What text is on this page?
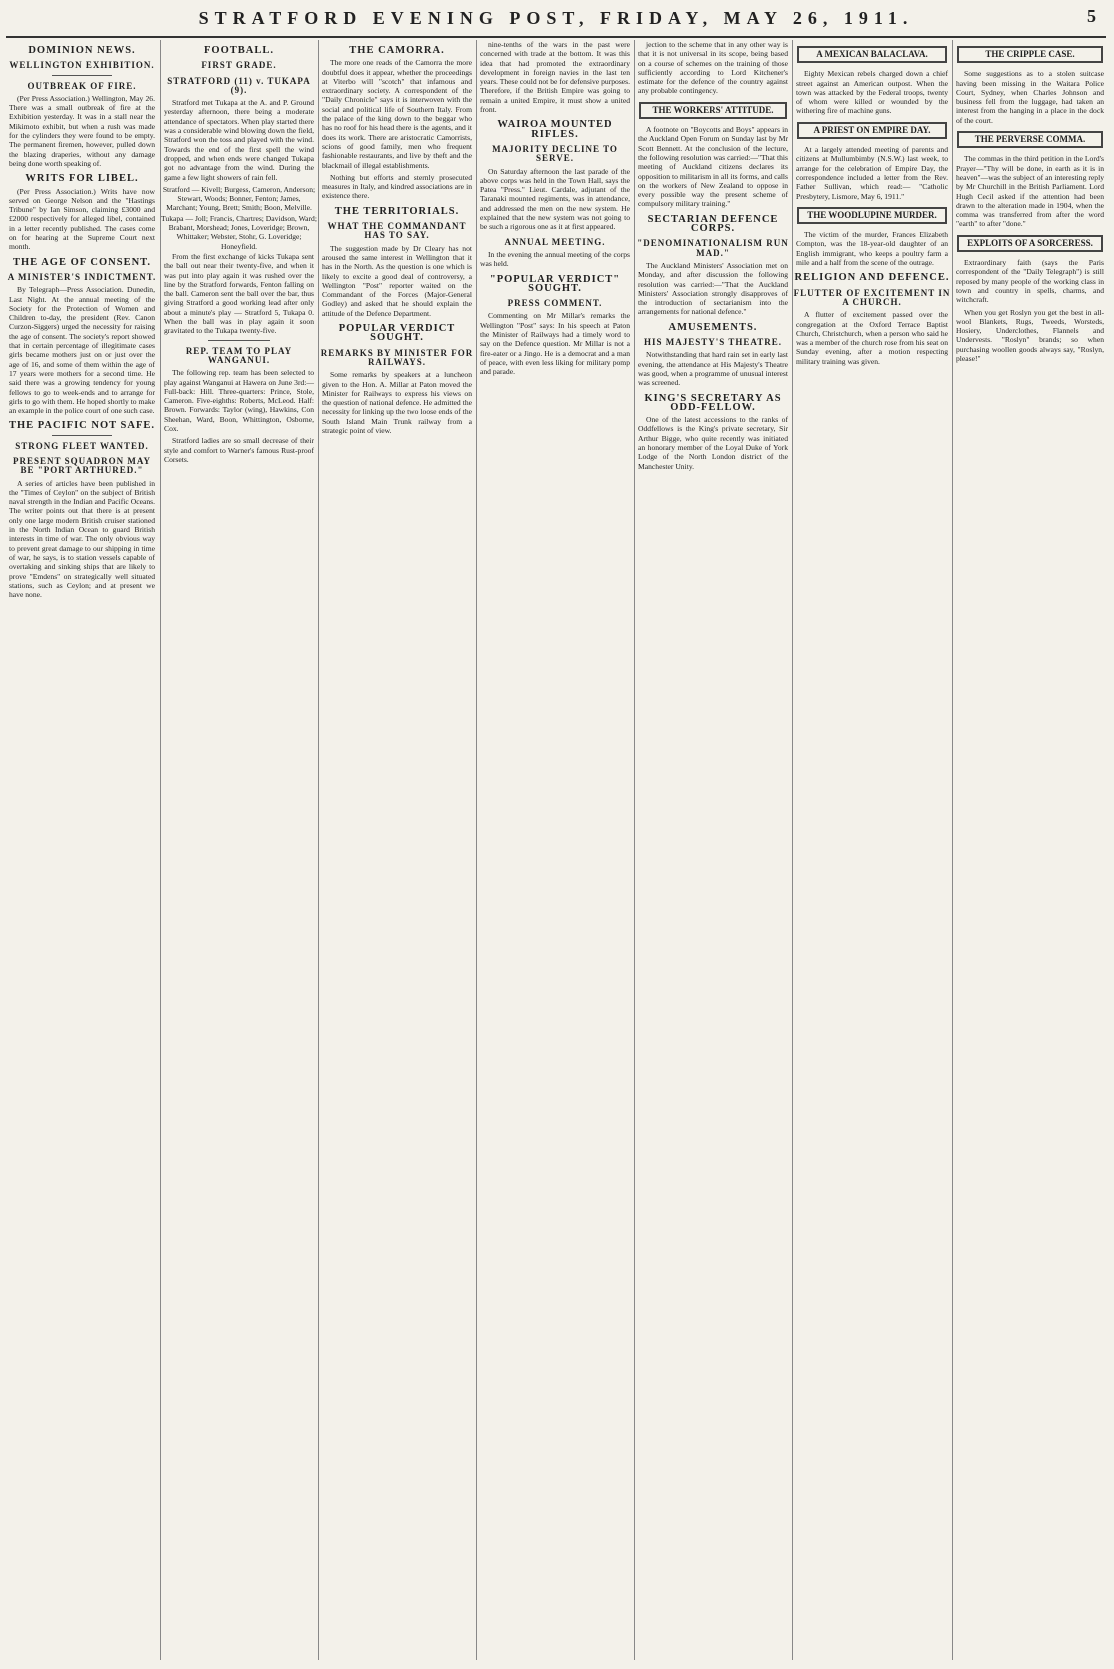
STRATFORD EVENING POST, FRIDAY, MAY 26, 1911.	5
DOMINION NEWS.
WELLINGTON EXHIBITION.
OUTBREAK OF FIRE.

(Per Press Association.) Wellington, May 26. There was a small outbreak of fire at the Exhibition yesterday. It was in a stall near the Mikimoto exhibit, but when a rush was made for the cylinders they were found to be empty. The permanent firemen, however, pulled down the blazing draperies, without any damage being done worth speaking of.

WRITS FOR LIBEL.

(Per Press Association.) Writs have now served on George Nelson and the "Hastings Tribune" by Ian Simson, claiming £3000 and £2000 respectively for alleged libel, contained in a letter recently published. The cases come on for hearing at the Supreme Court next month.

THE AGE OF CONSENT.
A MINISTER'S INDICTMENT.

By Telegraph—Press Association. Dunedin, Last Night. At the annual meeting of the Society for the Protection of Women and Children to-day, the president (Rev. Canon Curzon-Siggers) urged the necessity for raising the age of consent. The society's report showed that in certain percentage of illegitimate cases girls became mothers just on or just over the age of 16, and some of them within the age of 17 years were mothers for a second time. He said there was a growing tendency for young fellows to go to week-ends and to arrange for girls to go with them. He hoped shortly to make an example in the police court of one such case.

THE PACIFIC NOT SAFE.
STRONG FLEET WANTED.
PRESENT SQUADRON MAY BE "PORT ARTHURED."

A series of articles have been published in the "Times of Ceylon" on the subject of British naval strength in the Indian and Pacific Oceans. The writer points out that there is at present only one large modern British cruiser stationed in the North Indian Ocean to guard British interests in time of war. The only obvious way to prevent great damage to our shipping in time of war, he says, is to station vessels capable of overtaking and sinking ships that are likely to prove "Emdens" on strategically well situated stations, such as Ceylon; and at present we have none.

FOOTBALL.
FIRST GRADE.
STRATFORD (11) v. TUKAPA (9).

Stratford met Tukapa at the A. and P. Ground yesterday afternoon, there being a moderate attendance of spectators. When play started there was a considerable wind blowing down the field, Stratford won the toss and played with the wind. Towards the end of the first spell the wind dropped, and when ends were changed Tukapa got no advantage from the wind. During the game a few light showers of rain fell.

Stratford — Kivell; Burgess, Cameron, Anderson; Stewart, Woods; Bonner, Fenton; James, Marchant; Young, Brett; Smith; Boon, Melville.
Tukapa — Joll; Francis, Chartres; Davidson, Ward; Brabant, Morshead; Jones, Loveridge; Brown, Whittaker; Webster, Stohr, G. Loveridge; Honeyfield.

From the first exchange of kicks Tukapa sent the ball out near their twenty-five, and when it was put into play again it was rushed over the line by the Stratford forwards, Fenton falling on the ball. Cameron sent the ball over the bar, thus giving Stratford a good working lead after only about a minute's play — Stratford 5, Tukapa 0. When the ball was in play again it soon gravitated to the Tukapa twenty-five.

REP. TEAM TO PLAY WANGANUI.

The following rep. team has been selected to play against Wanganui at Hawera on June 3rd:— Full-back: Hill. Three-quarters: Prince, Stole, Cameron. Five-eighths: Roberts, McLeod. Half: Brown. Forwards: Taylor (wing), Hawkins, Con Sheehan, Ward, Boon, Whittington, Osborne, Cox.

Stratford ladies are so small decrease of their style and comfort to Warner's famous Rust-proof Corsets.

THE CAMORRA.

The more one reads of the Camorra the more doubtful does it appear, whether the proceedings at Viterbo will "scotch" that infamous and extraordinary society. A correspondent of the "Daily Chronicle" says it is interwoven with the social and political life of Southern Italy. From the palace of the king down to the beggar who has no roof for his head there is the agents, and it does its work. There are aristocratic Camorrists, scions of good family, men who frequent fashionable restaurants, and live by theft and the blackmail of illegal establishments.

Nothing but efforts and sternly prosecuted measures in Italy, and kindred associations are in existence there.

THE TERRITORIALS.
WHAT THE COMMANDANT HAS TO SAY.

The suggestion made by Dr Cleary has not aroused the same interest in Wellington that it has in the North. As the question is one which is likely to excite a good deal of controversy, a Wellington "Post" reporter waited on the Commandant of the Forces (Major-General Godley) and asked that he should explain the attitude of the Defence Department.

POPULAR VERDICT SOUGHT.
REMARKS BY MINISTER FOR RAILWAYS.

Some remarks by speakers at a luncheon given to the Hon. A. Millar at Paton moved the Minister for Railways to express his views on the question of national defence. He admitted the necessity for linking up the two loose ends of the South Island Main Trunk railway from a strategic point of view.

nine-tenths of the wars in the past were concerned with trade at the bottom. It was this idea that had promoted the extraordinary development in foreign navies in the last ten years. These could not be for defensive purposes. Therefore, if the British Empire was going to remain a united Empire, it must show a united front.

WAIROA MOUNTED RIFLES.
MAJORITY DECLINE TO SERVE.

On Saturday afternoon the last parade of the above corps was held in the Town Hall, says the Patea "Press." Lieut. Cardale, adjutant of the Taranaki mounted regiments, was in attendance, and addressed the men on the new system. He explained that the new system was not going to be such a rigorous one as it at first appeared.

ANNUAL MEETING.

In the evening the annual meeting of the corps was held.

"POPULAR VERDICT" SOUGHT.
PRESS COMMENT.

Commenting on Mr Millar's remarks the Wellington "Post" says: In his speech at Paton the Minister of Railways had a timely word to say on the Defence question. Mr Millar is not a fire-eater or a Jingo. He is a democrat and a man of peace, with even less liking for military pomp and parade.

jection to the scheme that in any other way is that it is not universal in its scope, being based on a course of schemes on the training of those sufficiently according to Lord Kitchener's estimate for the defence of the country against any probable contingency.

THE WORKERS' ATTITUDE.

A footnote on "Boycotts and Boys" appears in the Auckland Open Forum on Sunday last by Mr Scott Bennett. At the conclusion of the lecture, the following resolution was carried:—"That this meeting of Auckland citizens declares its opposition to militarism in all its forms, and calls on the workers of New Zealand to oppose in every possible way the present scheme of compulsory military training."

SECTARIAN DEFENCE CORPS.
"DENOMINATIONALISM RUN MAD."

The Auckland Ministers' Association met on Monday, and after discussion the following resolution was carried:—"That the Auckland Ministers' Association strongly disapproves of the introduction of sectarianism into the arrangements for national defence."

AMUSEMENTS.
HIS MAJESTY'S THEATRE.

Notwithstanding that hard rain set in early last evening, the attendance at His Majesty's Theatre was good, when a programme of unusual interest was screened.

KING'S SECRETARY AS ODD-FELLOW.

One of the latest accessions to the ranks of Oddfellows is the King's private secretary, Sir Arthur Bigge, who quite recently was initiated an honorary member of the Loyal Duke of York Lodge of the North London district of the Manchester Unity.

A MEXICAN BALACLAVA.

Eighty Mexican rebels charged down a chief street against an American outpost. When the town was attacked by the Federal troops, twenty of whom were killed or wounded by the withering fire of machine guns.

A PRIEST ON EMPIRE DAY.

At a largely attended meeting of parents and citizens at Mullumbimby (N.S.W.) last week, to arrange for the celebration of Empire Day, the correspondence included a letter from the Rev. Father Sullivan, which read:— "Catholic Presbytery, Lismore, May 6, 1911."

THE WOODLUPINE MURDER.

The victim of the murder, Frances Elizabeth Compton, was the 18-year-old daughter of an English immigrant, who keeps a poultry farm a mile and a half from the scene of the outrage.

RELIGION AND DEFENCE.
FLUTTER OF EXCITEMENT IN A CHURCH.

A flutter of excitement passed over the congregation at the Oxford Terrace Baptist Church, Christchurch, when a person who said he was a member of the church rose from his seat on Sunday evening, after a motion respecting military training was given.

THE CRIPPLE CASE.

Some suggestions as to a stolen suitcase having been missing in the Waitara Police Court, Sydney, when Charles Johnson and business fell from the luggage, had taken an interest from the hanging in a place in the dock of the court.

THE PERVERSE COMMA.

The commas in the third petition in the Lord's Prayer—"Thy will be done, in earth as it is in heaven"—was the subject of an interesting reply by Mr Churchill in the British Parliament. Lord Hugh Cecil asked if the attention had been drawn to the alteration made in 1904, when the comma was transferred from after the word "earth" to after "done."

EXPLOITS OF A SORCERESS.

Extraordinary faith (says the Paris correspondent of the "Daily Telegraph") is still reposed by many people of the working class in town and country in spells, charms, and witchcraft.

When you get Roslyn you get the best in all-wool Blankets, Rugs, Tweeds, Worsteds, Hosiery, Underclothes, Flannels and Undervests. "Roslyn" brands; so when purchasing woollen goods always say, "Roslyn, please!"
